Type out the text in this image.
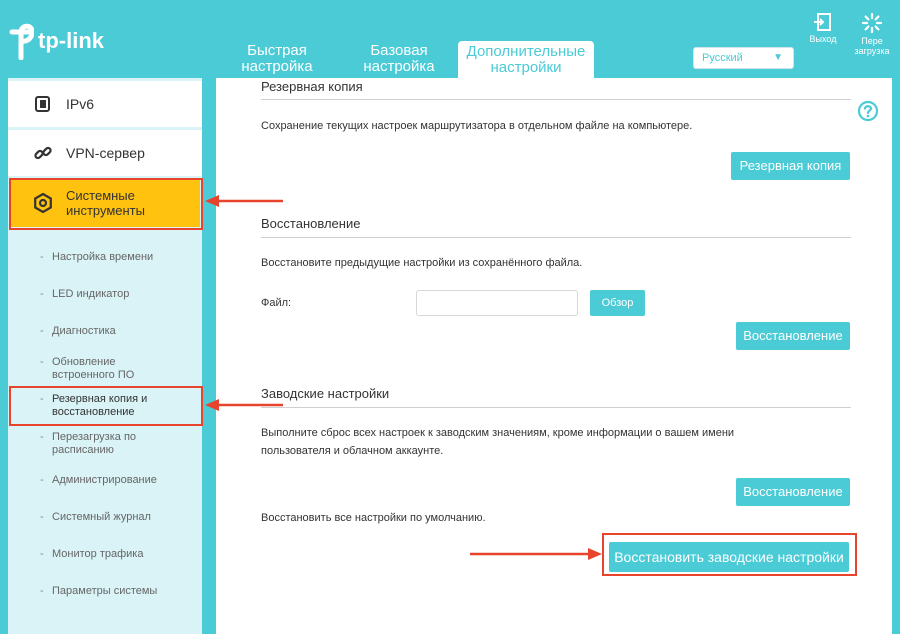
tp-link	Быстрая
настройка
Базовая
настройка
Дополнительные
настройки
Русский	▼
Выход	Пере
загрузка
IPv6
VPN-сервер
Системные
инструменты
- Настройка времени
- LED индикатор
- Диагностика
- Обновление
встроенного ПО
- Резервная копия и
восстановление
- Перезагрузка по
расписанию
- Администрирование
- Системный журнал
- Монитор трафика
- Параметры системы
Резервная копия
Сохранение текущих настроек маршрутизатора в отдельном файле на компьютере.
Резервная копия
Восстановление
Восстановите предыдущие настройки из сохранённого файла.
Файл:	Обзор
Восстановление
Заводские настройки
Выполните сброс всех настроек к заводским значениям, кроме информации о вашем имени
пользователя и облачном аккаунте.
Восстановление
Восстановить все настройки по умолчанию.
Восстановить заводские настройки
